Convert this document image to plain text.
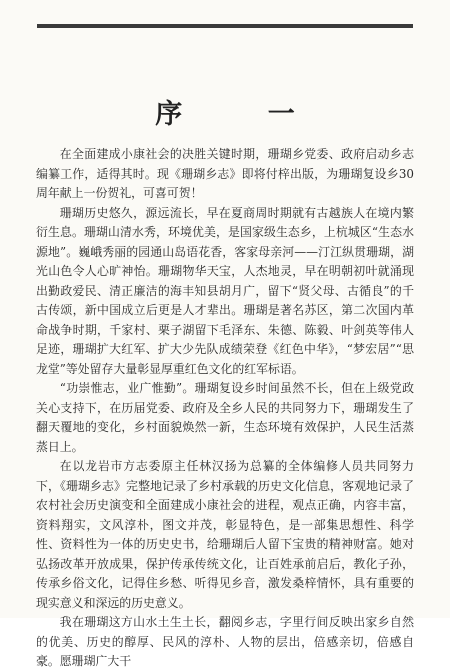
序 一

在全面建成小康社会的决胜关键时期，珊瑚乡党委、政府启动乡志编纂工作，适得其时。现《珊瑚乡志》即将付梓出版，为珊瑚复设乡30周年献上一份贺礼，可喜可贺！

珊瑚历史悠久，源远流长，早在夏商周时期就有古越族人在境内繁衍生息。珊瑚山清水秀，环境优美，是国家级生态乡，上杭城区“生态水源地”。巍峨秀丽的园通山岛语花香，客家母亲河——汀江纵贯珊瑚，湖光山色令人心旷神怡。珊瑚物华天宝，人杰地灵，早在明朝初叶就涌现出勤政爱民、清正廉洁的海丰知县胡月广，留下“贤父母、古循良”的千古传颂，新中国成立后更是人才辈出。珊瑚是著名苏区，第二次国内革命战争时期，千家村、栗子湖留下毛泽东、朱德、陈毅、叶剑英等伟人足迹，珊瑚扩大红军、扩大少先队成绩荣登《红色中华》，“梦宏居”“思龙堂”等处留存大量彰显厚重红色文化的红军标语。

“功崇惟志，业广惟勤”。珊瑚复设乡时间虽然不长，但在上级党政关心支持下，在历届党委、政府及全乡人民的共同努力下，珊瑚发生了翻天覆地的变化，乡村面貌焕然一新，生态环境有效保护，人民生活蒸蒸日上。

在以龙岩市方志委原主任林汉扬为总纂的全体编修人员共同努力下，《珊瑚乡志》完整地记录了乡村承载的历史文化信息，客观地记录了农村社会历史演变和全面建成小康社会的进程，观点正确，内容丰富，资料翔实，文风淳朴，图文并茂，彰显特色，是一部集思想性、科学性、资料性为一体的历史史书，给珊瑚后人留下宝贵的精神财富。她对弘扬改革开放成果，保护传承传统文化，让百姓承前启后，教化子孙，传承乡俗文化，记得住乡愁、听得见乡音，激发桑梓情怀，具有重要的现实意义和深远的历史意义。

我在珊瑚这方山水土生土长，翻阅乡志，字里行间反映出家乡自然的优美、历史的醇厚、民风的淳朴、人物的层出，倍感亲切，倍感自豪。愿珊瑚广大干
